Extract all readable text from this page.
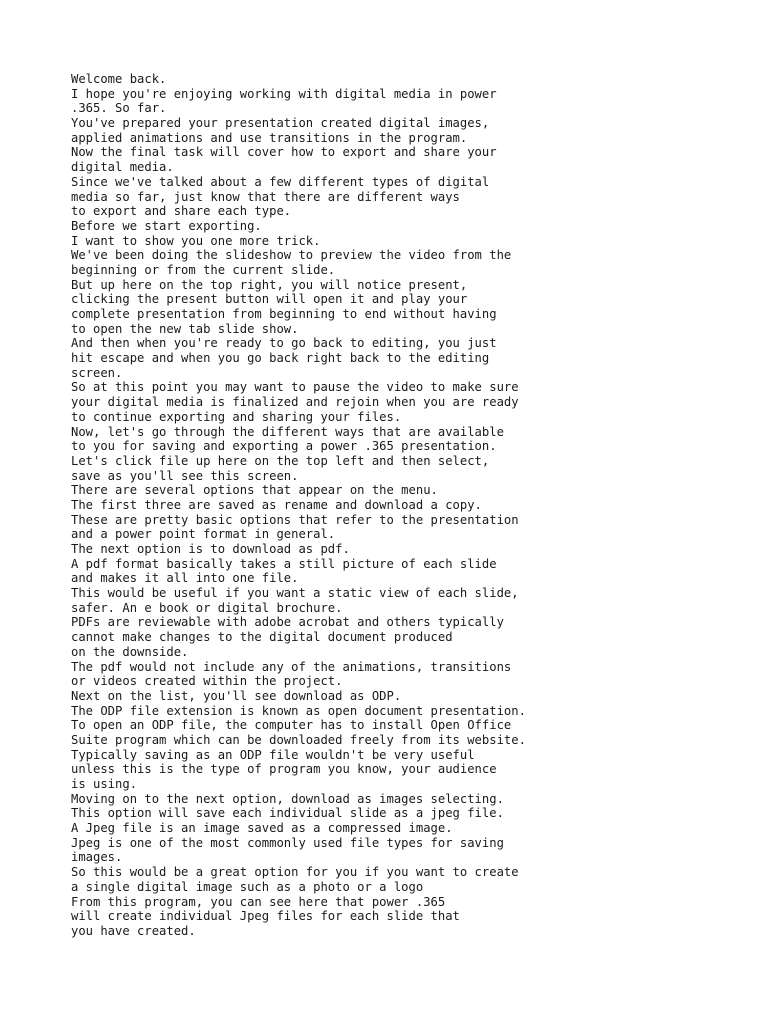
Welcome back.
I hope you're enjoying working with digital media in power
.365. So far.
You've prepared your presentation created digital images,
applied animations and use transitions in the program.
Now the final task will cover how to export and share your
digital media.
Since we've talked about a few different types of digital
media so far, just know that there are different ways
to export and share each type.
Before we start exporting.
I want to show you one more trick.
We've been doing the slideshow to preview the video from the
beginning or from the current slide.
But up here on the top right, you will notice present,
clicking the present button will open it and play your
complete presentation from beginning to end without having
to open the new tab slide show.
And then when you're ready to go back to editing, you just
hit escape and when you go back right back to the editing
screen.
So at this point you may want to pause the video to make sure
your digital media is finalized and rejoin when you are ready
to continue exporting and sharing your files.
Now, let's go through the different ways that are available
to you for saving and exporting a power .365 presentation.
Let's click file up here on the top left and then select,
save as you'll see this screen.
There are several options that appear on the menu.
The first three are saved as rename and download a copy.
These are pretty basic options that refer to the presentation
and a power point format in general.
The next option is to download as pdf.
A pdf format basically takes a still picture of each slide
and makes it all into one file.
This would be useful if you want a static view of each slide,
safer. An e book or digital brochure.
PDFs are reviewable with adobe acrobat and others typically
cannot make changes to the digital document produced
on the downside.
The pdf would not include any of the animations, transitions
or videos created within the project.
Next on the list, you'll see download as ODP.
The ODP file extension is known as open document presentation.
To open an ODP file, the computer has to install Open Office
Suite program which can be downloaded freely from its website.
Typically saving as an ODP file wouldn't be very useful
unless this is the type of program you know, your audience
is using.
Moving on to the next option, download as images selecting.
This option will save each individual slide as a jpeg file.
A Jpeg file is an image saved as a compressed image.
Jpeg is one of the most commonly used file types for saving
images.
So this would be a great option for you if you want to create
a single digital image such as a photo or a logo
From this program, you can see here that power .365
will create individual Jpeg files for each slide that
you have created.
